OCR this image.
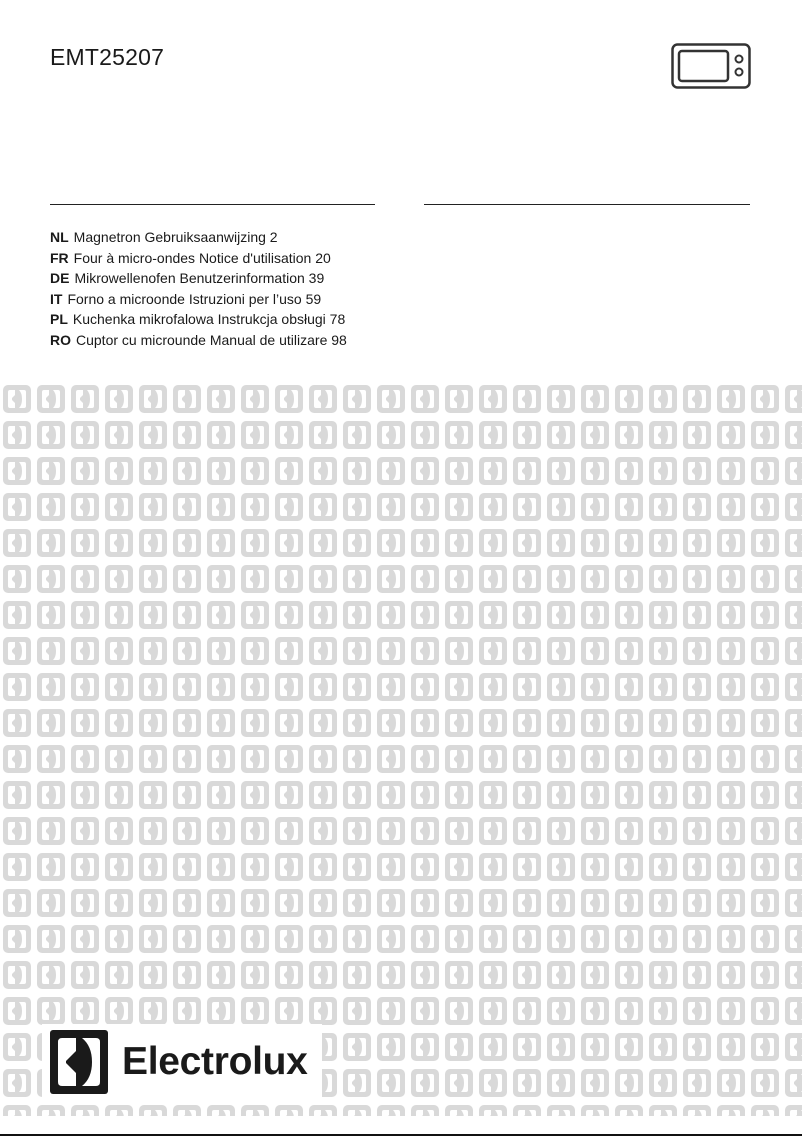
EMT25207
NL Magnetron Gebruiksaanwijzing 2
FR Four à micro-ondes Notice d'utilisation 20
DE Mikrowellenofen Benutzerinformation 39
IT Forno a microonde Istruzioni per l’uso 59
PL Kuchenka mikrofalowa Instrukcja obsługi 78
RO Cuptor cu microunde Manual de utilizare 98
Electrolux
